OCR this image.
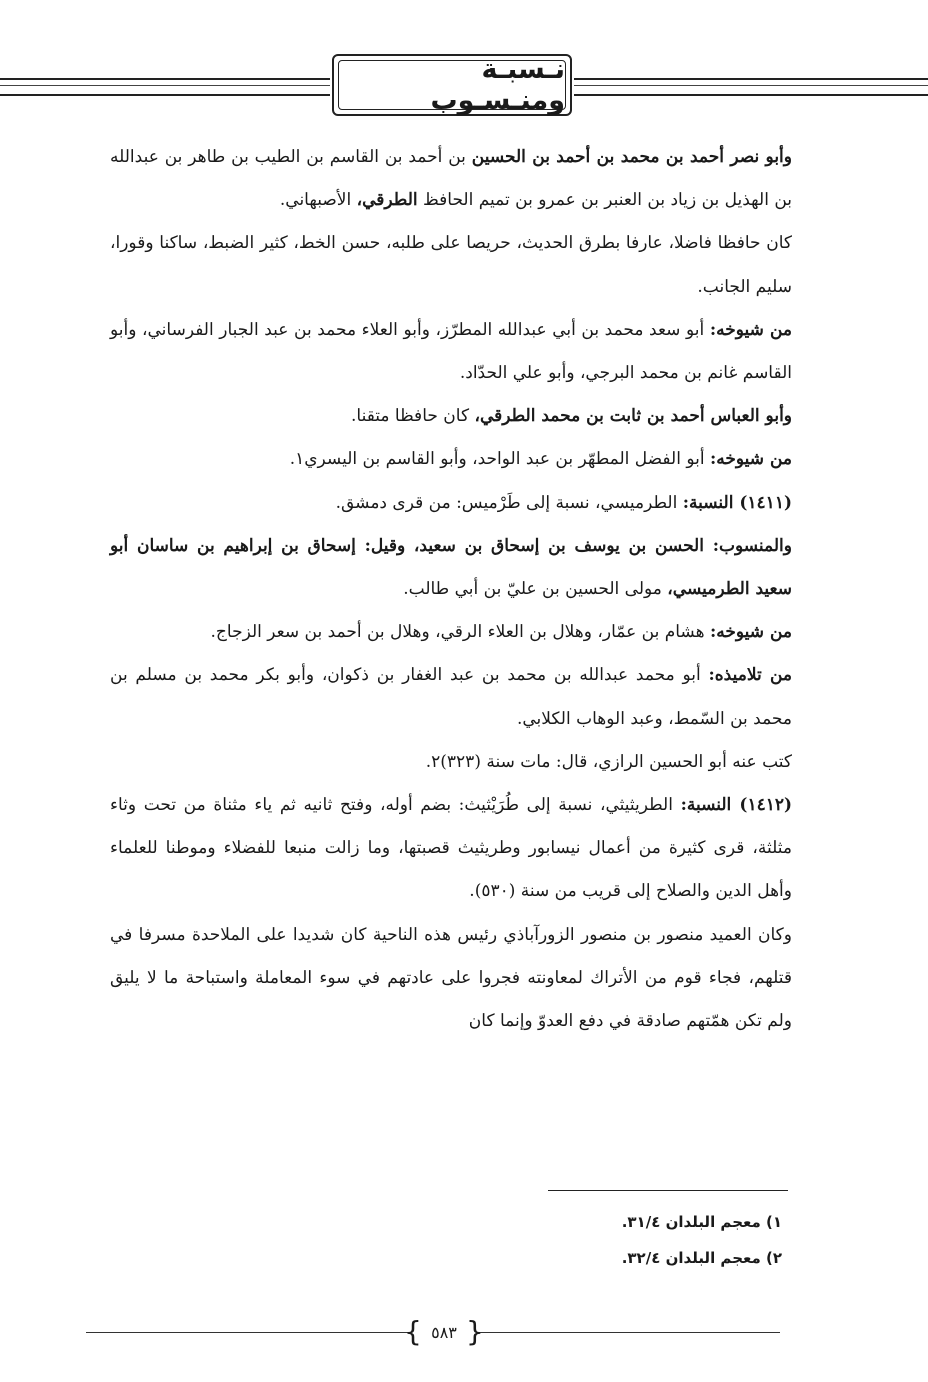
نـسبـة ومنـسـوب

وأبو نصر أحمد بن محمد بن أحمد بن الحسين بن أحمد بن القاسم بن الطيب بن طاهر بن عبدالله بن الهذيل بن زياد بن العنبر بن عمرو بن تميم الحافظ الطرقي، الأصبهاني.

كان حافظا فاضلا، عارفا بطرق الحديث، حريصا على طلبه، حسن الخط، كثير الضبط، ساكنا وقورا، سليم الجانب.

من شيوخه: أبو سعد محمد بن أبي عبدالله المطرّز، وأبو العلاء محمد بن عبد الجبار الفرساني، وأبو القاسم غانم بن محمد البرجي، وأبو علي الحدّاد.

وأبو العباس أحمد بن ثابت بن محمد الطرقي، كان حافظا متقنا.

من شيوخه: أبو الفضل المطهّر بن عبد الواحد، وأبو القاسم بن اليسري١.

(١٤١١) النسبة: الطرميسي، نسبة إلى طَرْميس: من قرى دمشق.

والمنسوب: الحسن بن يوسف بن إسحاق بن سعيد، وقيل: إسحاق بن إبراهيم بن ساسان أبو سعيد الطرميسي، مولى الحسين بن عليّ بن أبي طالب.

من شيوخه: هشام بن عمّار، وهلال بن العلاء الرقي، وهلال بن أحمد بن سعر الزجاج.

من تلاميذه: أبو محمد عبدالله بن محمد بن عبد الغفار بن ذكوان، وأبو بكر محمد بن مسلم بن محمد بن السّمط، وعبد الوهاب الكلابي.

كتب عنه أبو الحسين الرازي، قال: مات سنة (٣٢٣)٢.

(١٤١٢) النسبة: الطريثيثي، نسبة إلى طُرَيْثيث: بضم أوله، وفتح ثانيه ثم ياء مثناة من تحت وثاء مثلثة، قرى كثيرة من أعمال نيسابور وطريثيث قصبتها، وما زالت منبعا للفضلاء وموطنا للعلماء وأهل الدين والصلاح إلى قريب من سنة (٥٣٠).

وكان العميد منصور بن منصور الزورآباذي رئيس هذه الناحية كان شديدا على الملاحدة مسرفا في قتلهم، فجاء قوم من الأتراك لمعاونته فجروا على عادتهم في سوء المعاملة واستباحة ما لا يليق ولم تكن همّتهم صادقة في دفع العدوّ وإنما كان

١) معجم البلدان ٣١/٤.
٢) معجم البلدان ٣٢/٤.
{ ٥٨٣ }
